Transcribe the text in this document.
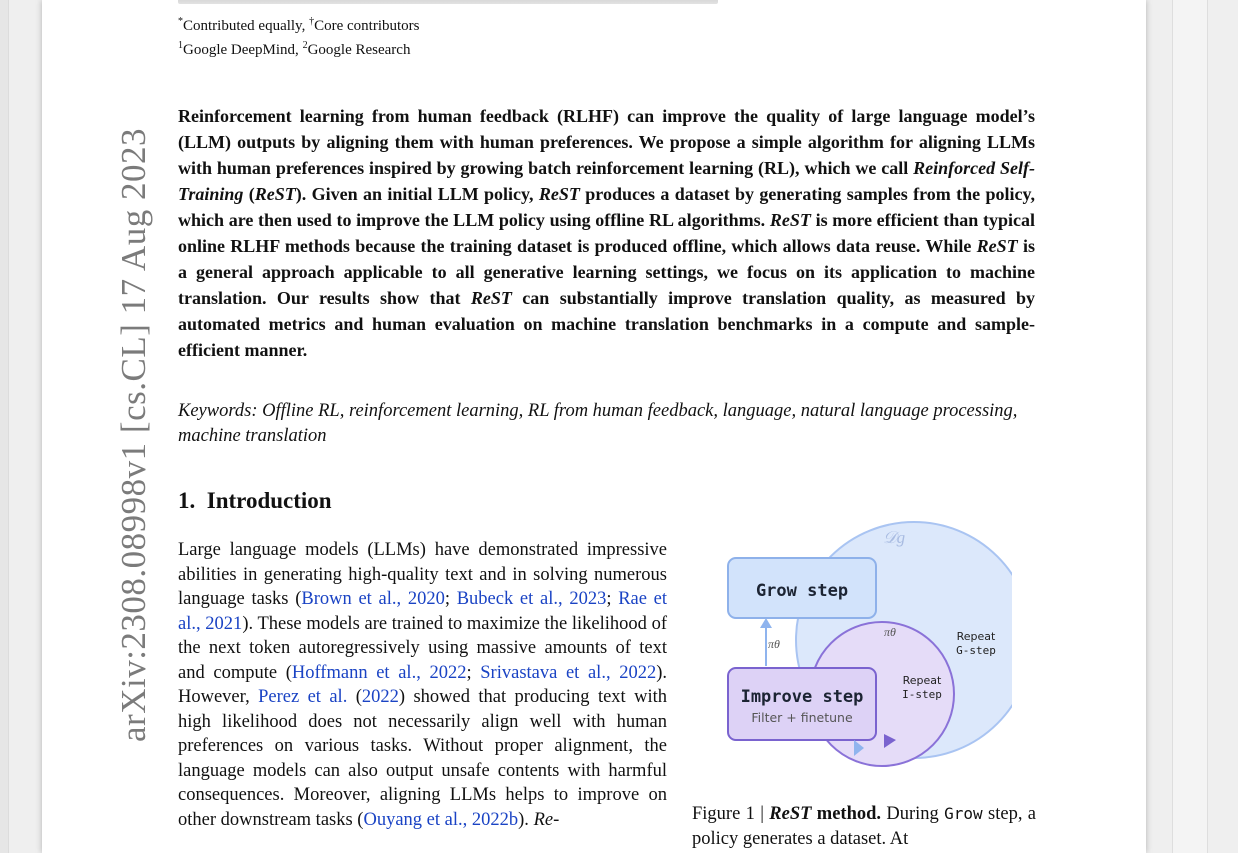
arXiv:2308.08998v1 [cs.CL] 17 Aug 2023
*Contributed equally, †Core contributors
$^1$Google DeepMind, $^2$Google Research
Reinforcement learning from human feedback (RLHF) can improve the quality of large language model’s (LLM) outputs by aligning them with human preferences. We propose a simple algorithm for aligning LLMs with human preferences inspired by growing batch reinforcement learning (RL), which we call Reinforced Self-Training (ReST). Given an initial LLM policy, ReST produces a dataset by generating samples from the policy, which are then used to improve the LLM policy using offline RL algorithms. ReST is more efficient than typical online RLHF methods because the training dataset is produced offline, which allows data reuse. While ReST is a general approach applicable to all generative learning settings, we focus on its application to machine translation. Our results show that ReST can substantially improve translation quality, as measured by automated metrics and human evaluation on machine translation benchmarks in a compute and sample-efficient manner.
Keywords: Offline RL, reinforcement learning, RL from human feedback, language, natural language processing, machine translation
1. Introduction
Large language models (LLMs) have demonstrated impressive abilities in generating high-quality text and in solving numerous language tasks (Brown et al., 2020; Bubeck et al., 2023; Rae et al., 2021). These models are trained to maximize the likelihood of the next token autoregressively using massive amounts of text and compute (Hoffmann et al., 2022; Srivastava et al., 2022). However, Perez et al. (2022) showed that producing text with high likelihood does not necessarily align well with human preferences on various tasks. Without proper alignment, the language models can also output unsafe contents with harmful consequences. Moreover, aligning LLMs helps to improve on other downstream tasks (Ouyang et al., 2022b). Re-
𝒟g
Grow step
πθ
πθ
Improve step
Filter + finetune
Repeat
G-step
Repeat
I-step
Figure 1 | ReST method. During Grow step, a policy generates a dataset. At
